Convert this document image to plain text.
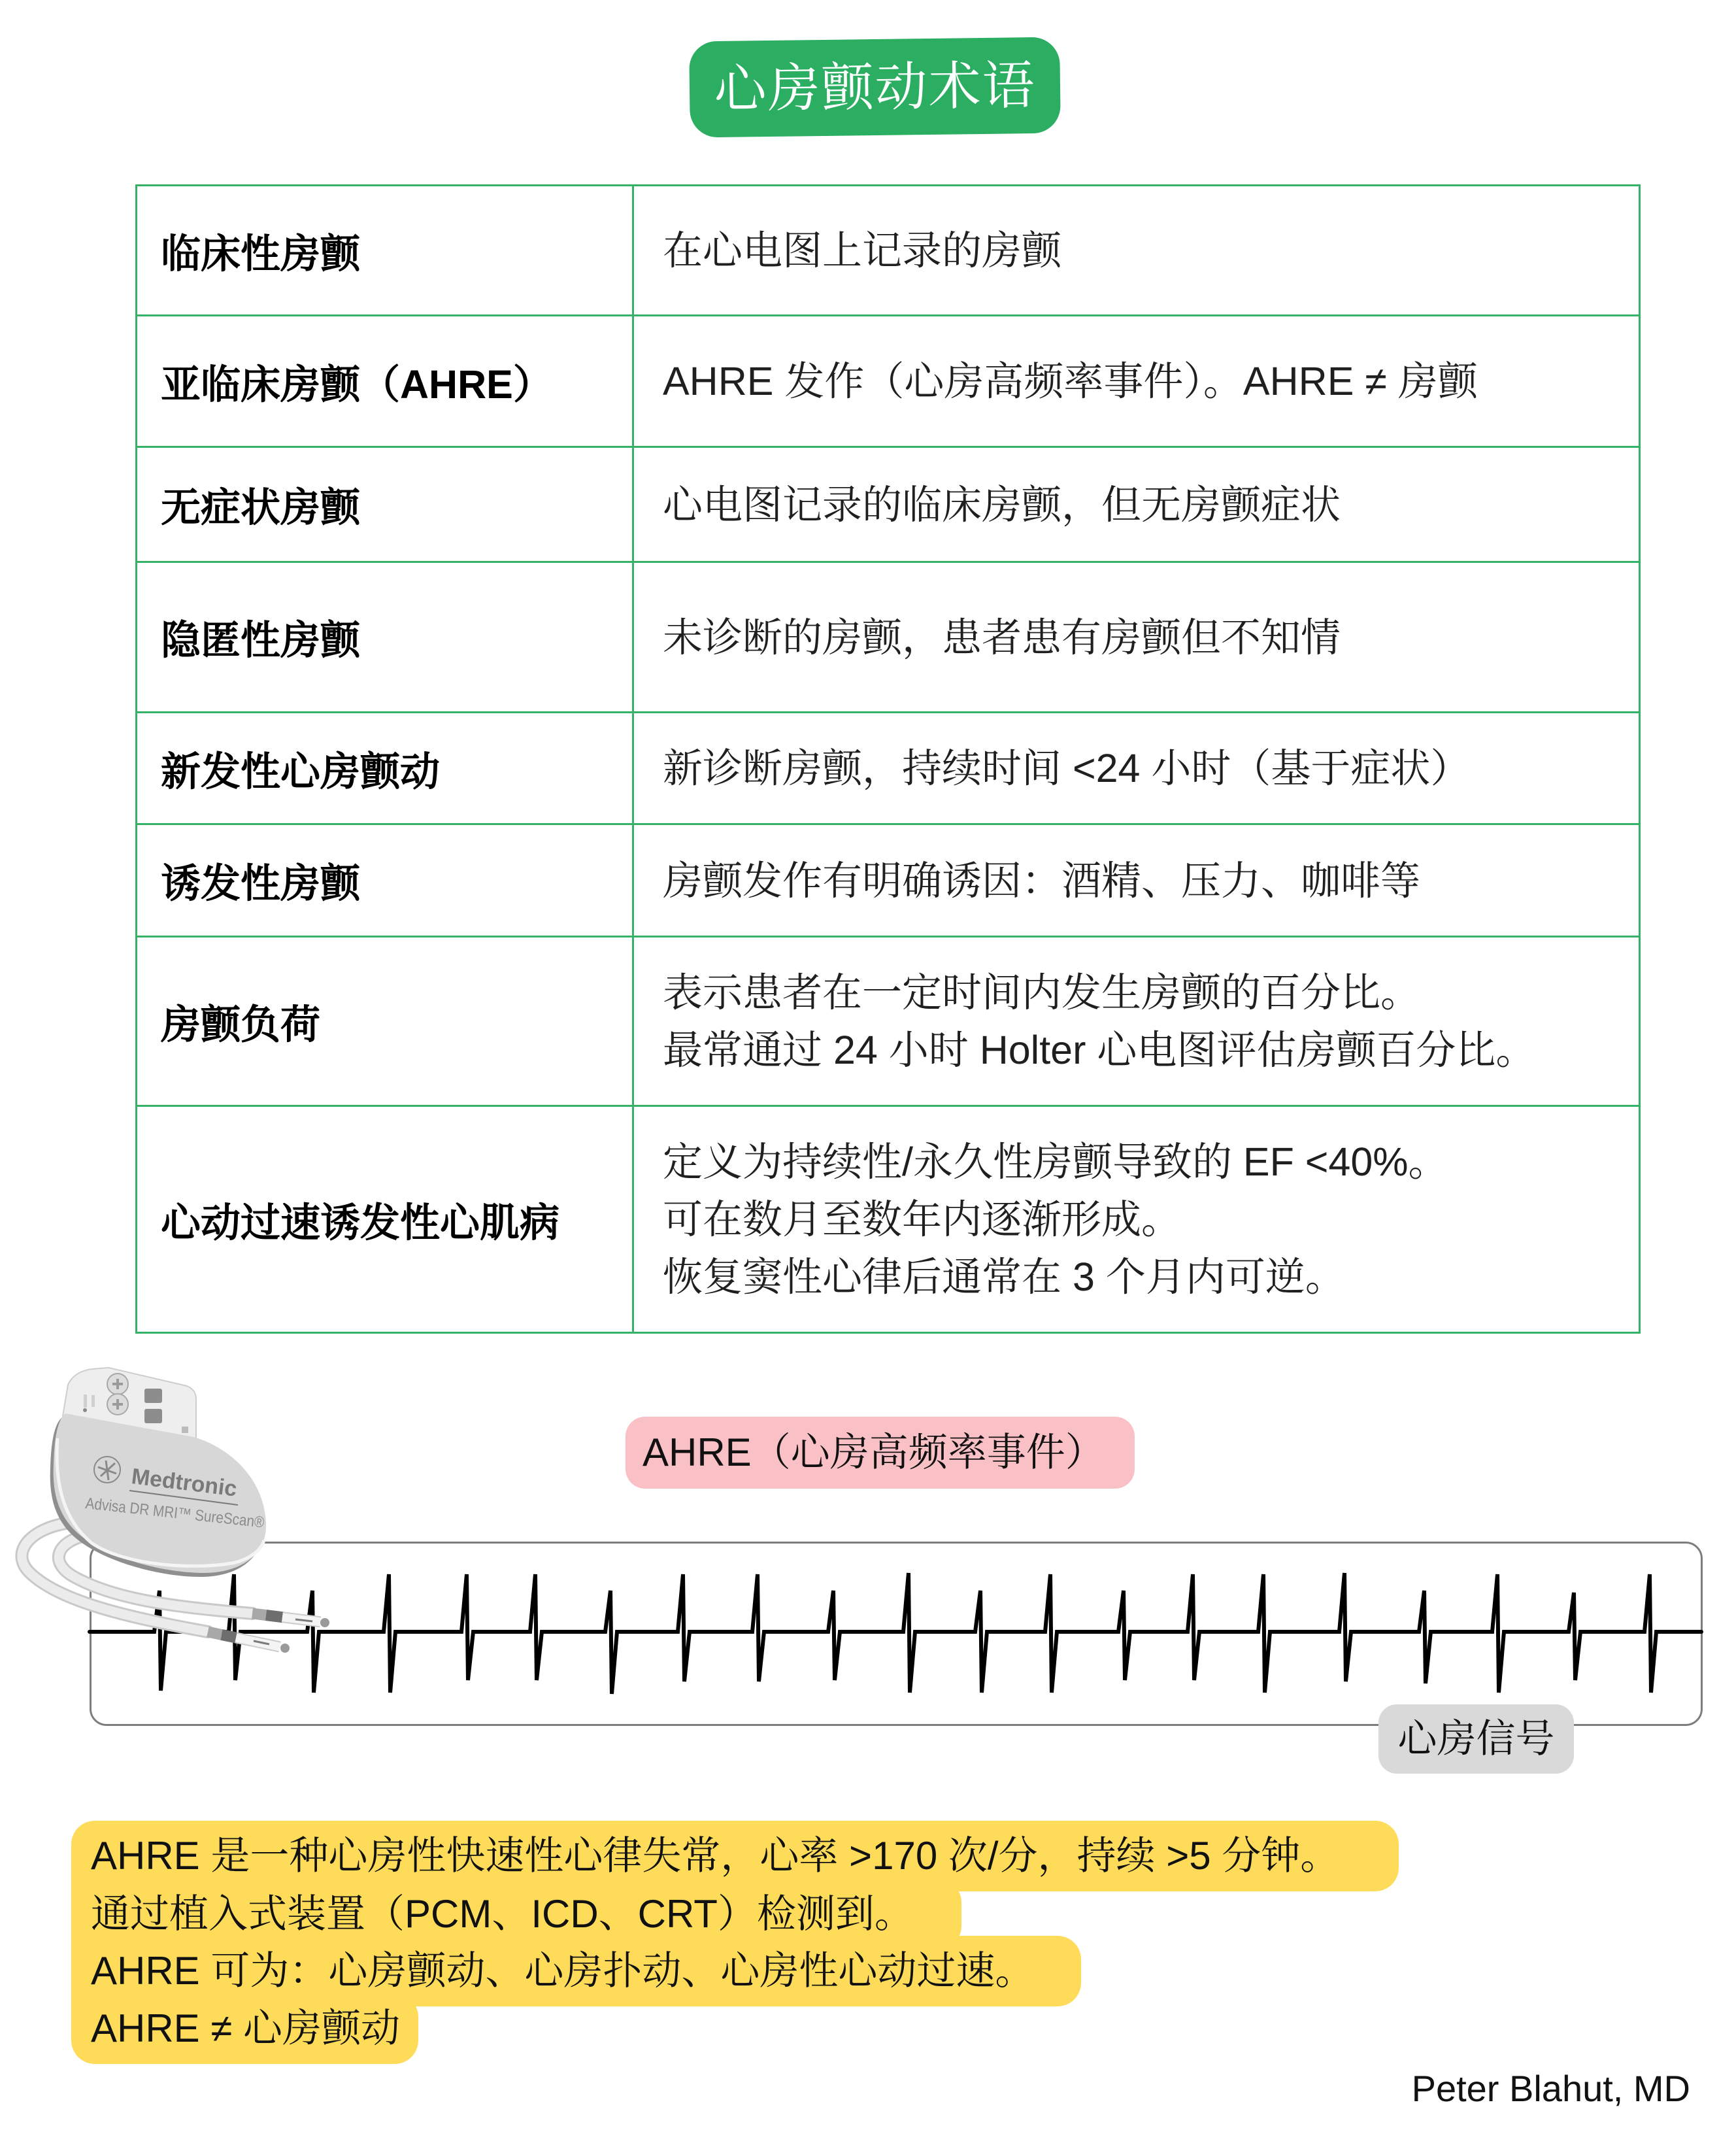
心房颤动术语
临床性房颤	在心电图上记录的房颤

亚临床房颤（AHRE）	AHRE 发作（心房高频率事件）。AHRE ≠ 房颤

无症状房颤	心电图记录的临床房颤，但无房颤症状

隐匿性房颤	未诊断的房颤，患者患有房颤但不知情

新发性心房颤动	新诊断房颤，持续时间 <24 小时（基于症状）

诱发性房颤	房颤发作有明确诱因：酒精、压力、咖啡等

房颤负荷	表示患者在一定时间内发生房颤的百分比。
最常通过 24 小时 Holter 心电图评估房颤百分比。

心动过速诱发性心肌病	定义为持续性/永久性房颤导致的 EF <40%。
可在数月至数年内逐渐形成。
恢复窦性心律后通常在 3 个月内可逆。
AHRE（心房高频率事件）
Medtronic
Advisa DR MRI™ SureScan®
心房信号
AHRE 是一种心房性快速性心律失常，心率 >170 次/分，持续 >5 分钟。
通过植入式装置（PCM、ICD、CRT）检测到。
AHRE 可为：心房颤动、心房扑动、心房性心动过速。
AHRE ≠ 心房颤动
Peter Blahut, MD
